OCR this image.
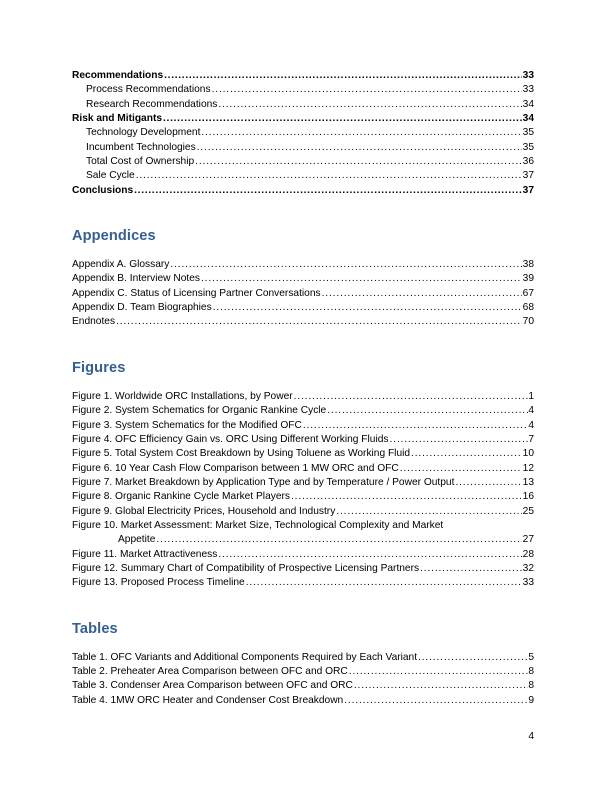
Recommendations .....	33
Process Recommendations .....	33
Research Recommendations .....	34
Risk and Mitigants .....	34
Technology Development .....	35
Incumbent Technologies .....	35
Total Cost of Ownership .....	36
Sale Cycle .....	37
Conclusions .....	37
Appendices
Appendix A. Glossary .....	38
Appendix B. Interview Notes .....	39
Appendix C. Status of Licensing Partner Conversations .....	67
Appendix D. Team Biographies .....	68
Endnotes .....	70
Figures
Figure 1. Worldwide ORC Installations, by Power .....	1
Figure 2. System Schematics for Organic Rankine Cycle .....	4
Figure 3. System Schematics for the Modified OFC .....	4
Figure 4. OFC Efficiency Gain vs. ORC Using Different Working Fluids .....	7
Figure 5. Total System Cost Breakdown by Using Toluene as Working Fluid .....	10
Figure 6. 10 Year Cash Flow Comparison between 1 MW ORC and OFC .....	12
Figure 7. Market Breakdown by Application Type and by Temperature / Power Output .....	13
Figure 8. Organic Rankine Cycle Market Players .....	16
Figure 9. Global Electricity Prices, Household and Industry .....	25
Figure 10. Market Assessment: Market Size, Technological Complexity and Market
Appetite .....	27
Figure 11. Market Attractiveness .....	28
Figure 12. Summary Chart of Compatibility of Prospective Licensing Partners .....	32
Figure 13. Proposed Process Timeline .....	33
Tables
Table 1. OFC Variants and Additional Components Required by Each Variant .....	5
Table 2. Preheater Area Comparison between OFC and ORC .....	8
Table 3. Condenser Area Comparison between OFC and ORC .....	8
Table 4. 1MW ORC Heater and Condenser Cost Breakdown .....	9
4
